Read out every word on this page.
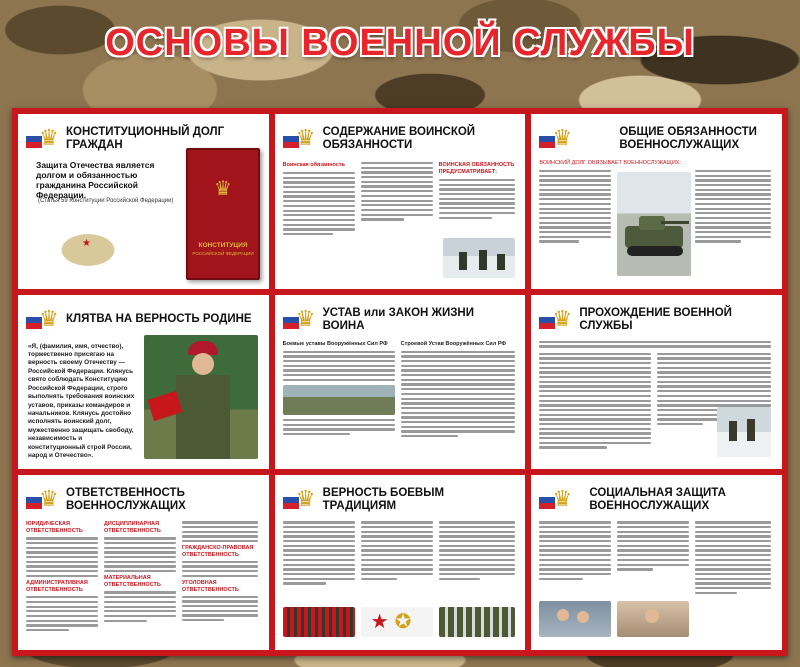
ОСНОВЫ ВОЕННОЙ СЛУЖБЫ
♛ КОНСТИТУЦИОННЫЙ ДОЛГ ГРАЖДАН
Защита Отечества является долгом и обязанностью гражданина Российской Федерации.
(Статья 59 Конституции Российской Федерации)
★
♛
КОНСТИТУЦИЯ
РОССИЙСКОЙ ФЕДЕРАЦИИ
♛ СОДЕРЖАНИЕ ВОИНСКОЙ ОБЯЗАННОСТИ
Воинская обязанность	ВОИНСКАЯ ОБЯЗАННОСТЬ ПРЕДУСМАТРИВАЕТ:
♛	ОБЩИЕ ОБЯЗАННОСТИ ВОЕННОСЛУЖАЩИХ
ВОИНСКИЙ ДОЛГ ОБЯЗЫВАЕТ ВОЕННОСЛУЖАЩИХ:
♛ КЛЯТВА НА ВЕРНОСТЬ РОДИНЕ
«Я, (фамилия, имя, отчество), торжественно присягаю на верность своему Отечеству — Российской Федерации. Клянусь свято соблюдать Конституцию Российской Федерации, строго выполнять требования воинских уставов, приказы командиров и начальников. Клянусь достойно исполнять воинский долг, мужественно защищать свободу, независимость и конституционный строй России, народ и Отечество».
♛ УСТАВ или ЗАКОН ЖИЗНИ ВОИНА
Боевые уставы Вооружённых Сил РФ	Строевой Устав Вооружённых Сил РФ
♛ ПРОХОЖДЕНИЕ ВОЕННОЙ СЛУЖБЫ
♛ ОТВЕТСТВЕННОСТЬ ВОЕННОСЛУЖАЩИХ
ЮРИДИЧЕСКАЯ ОТВЕТСТВЕННОСТЬ
АДМИНИСТРАТИВНАЯ ОТВЕТСТВЕННОСТЬ
ДИСЦИПЛИНАРНАЯ ОТВЕТСТВЕННОСТЬ
МАТЕРИАЛЬНАЯ ОТВЕТСТВЕННОСТЬ
ГРАЖДАНСКО-ПРАВОВАЯ ОТВЕТСТВЕННОСТЬ
УГОЛОВНАЯ ОТВЕТСТВЕННОСТЬ
♛ ВЕРНОСТЬ БОЕВЫМ ТРАДИЦИЯМ
★ ✪
♛	СОЦИАЛЬНАЯ ЗАЩИТА ВОЕННОСЛУЖАЩИХ
